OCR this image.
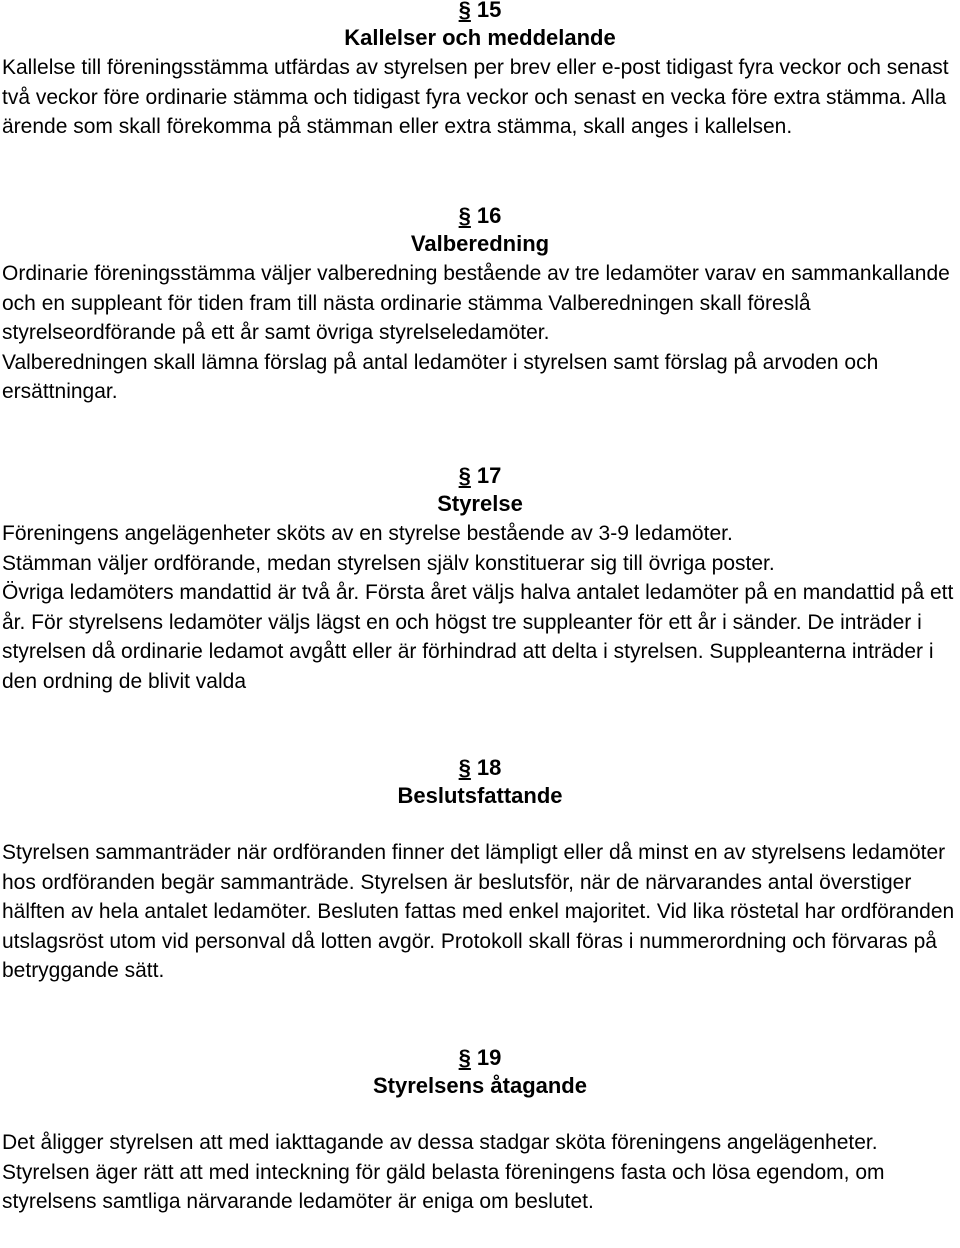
§ 15
Kallelser och meddelande

Kallelse till föreningsstämma utfärdas av styrelsen per brev eller e-post tidigast fyra veckor och senast två veckor före ordinarie stämma och tidigast fyra veckor och senast en vecka före extra stämma. Alla ärende som skall förekomma på stämman eller extra stämma, skall anges i kallelsen.

§ 16
Valberedning

Ordinarie föreningsstämma väljer valberedning bestående av tre ledamöter varav en sammankallande och en suppleant för tiden fram till nästa ordinarie stämma Valberedningen skall föreslå styrelseordförande på ett år samt övriga styrelseledamöter.

Valberedningen skall lämna förslag på antal ledamöter i styrelsen samt förslag på arvoden och ersättningar.

§ 17
Styrelse

Föreningens angelägenheter sköts av en styrelse bestående av 3-9 ledamöter.

Stämman väljer ordförande, medan styrelsen själv konstituerar sig till övriga poster.

Övriga ledamöters mandattid är två år. Första året väljs halva antalet ledamöter på en mandattid på ett år. För styrelsens ledamöter väljs lägst en och högst tre suppleanter för ett år i sänder. De inträder i styrelsen då ordinarie ledamot avgått eller är förhindrad att delta i styrelsen. Suppleanterna inträder i den ordning de blivit valda

§ 18
Beslutsfattande

Styrelsen sammanträder när ordföranden finner det lämpligt eller då minst en av styrelsens ledamöter hos ordföranden begär sammanträde. Styrelsen är beslutsför, när de närvarandes antal överstiger hälften av hela antalet ledamöter. Besluten fattas med enkel majoritet. Vid lika röstetal har ordföranden utslagsröst utom vid personval då lotten avgör. Protokoll skall föras i nummerordning och förvaras på betryggande sätt.

§ 19
Styrelsens åtagande

Det åligger styrelsen att med iakttagande av dessa stadgar sköta föreningens angelägenheter.

Styrelsen äger rätt att med inteckning för gäld belasta föreningens fasta och lösa egendom, om styrelsens samtliga närvarande ledamöter är eniga om beslutet.
